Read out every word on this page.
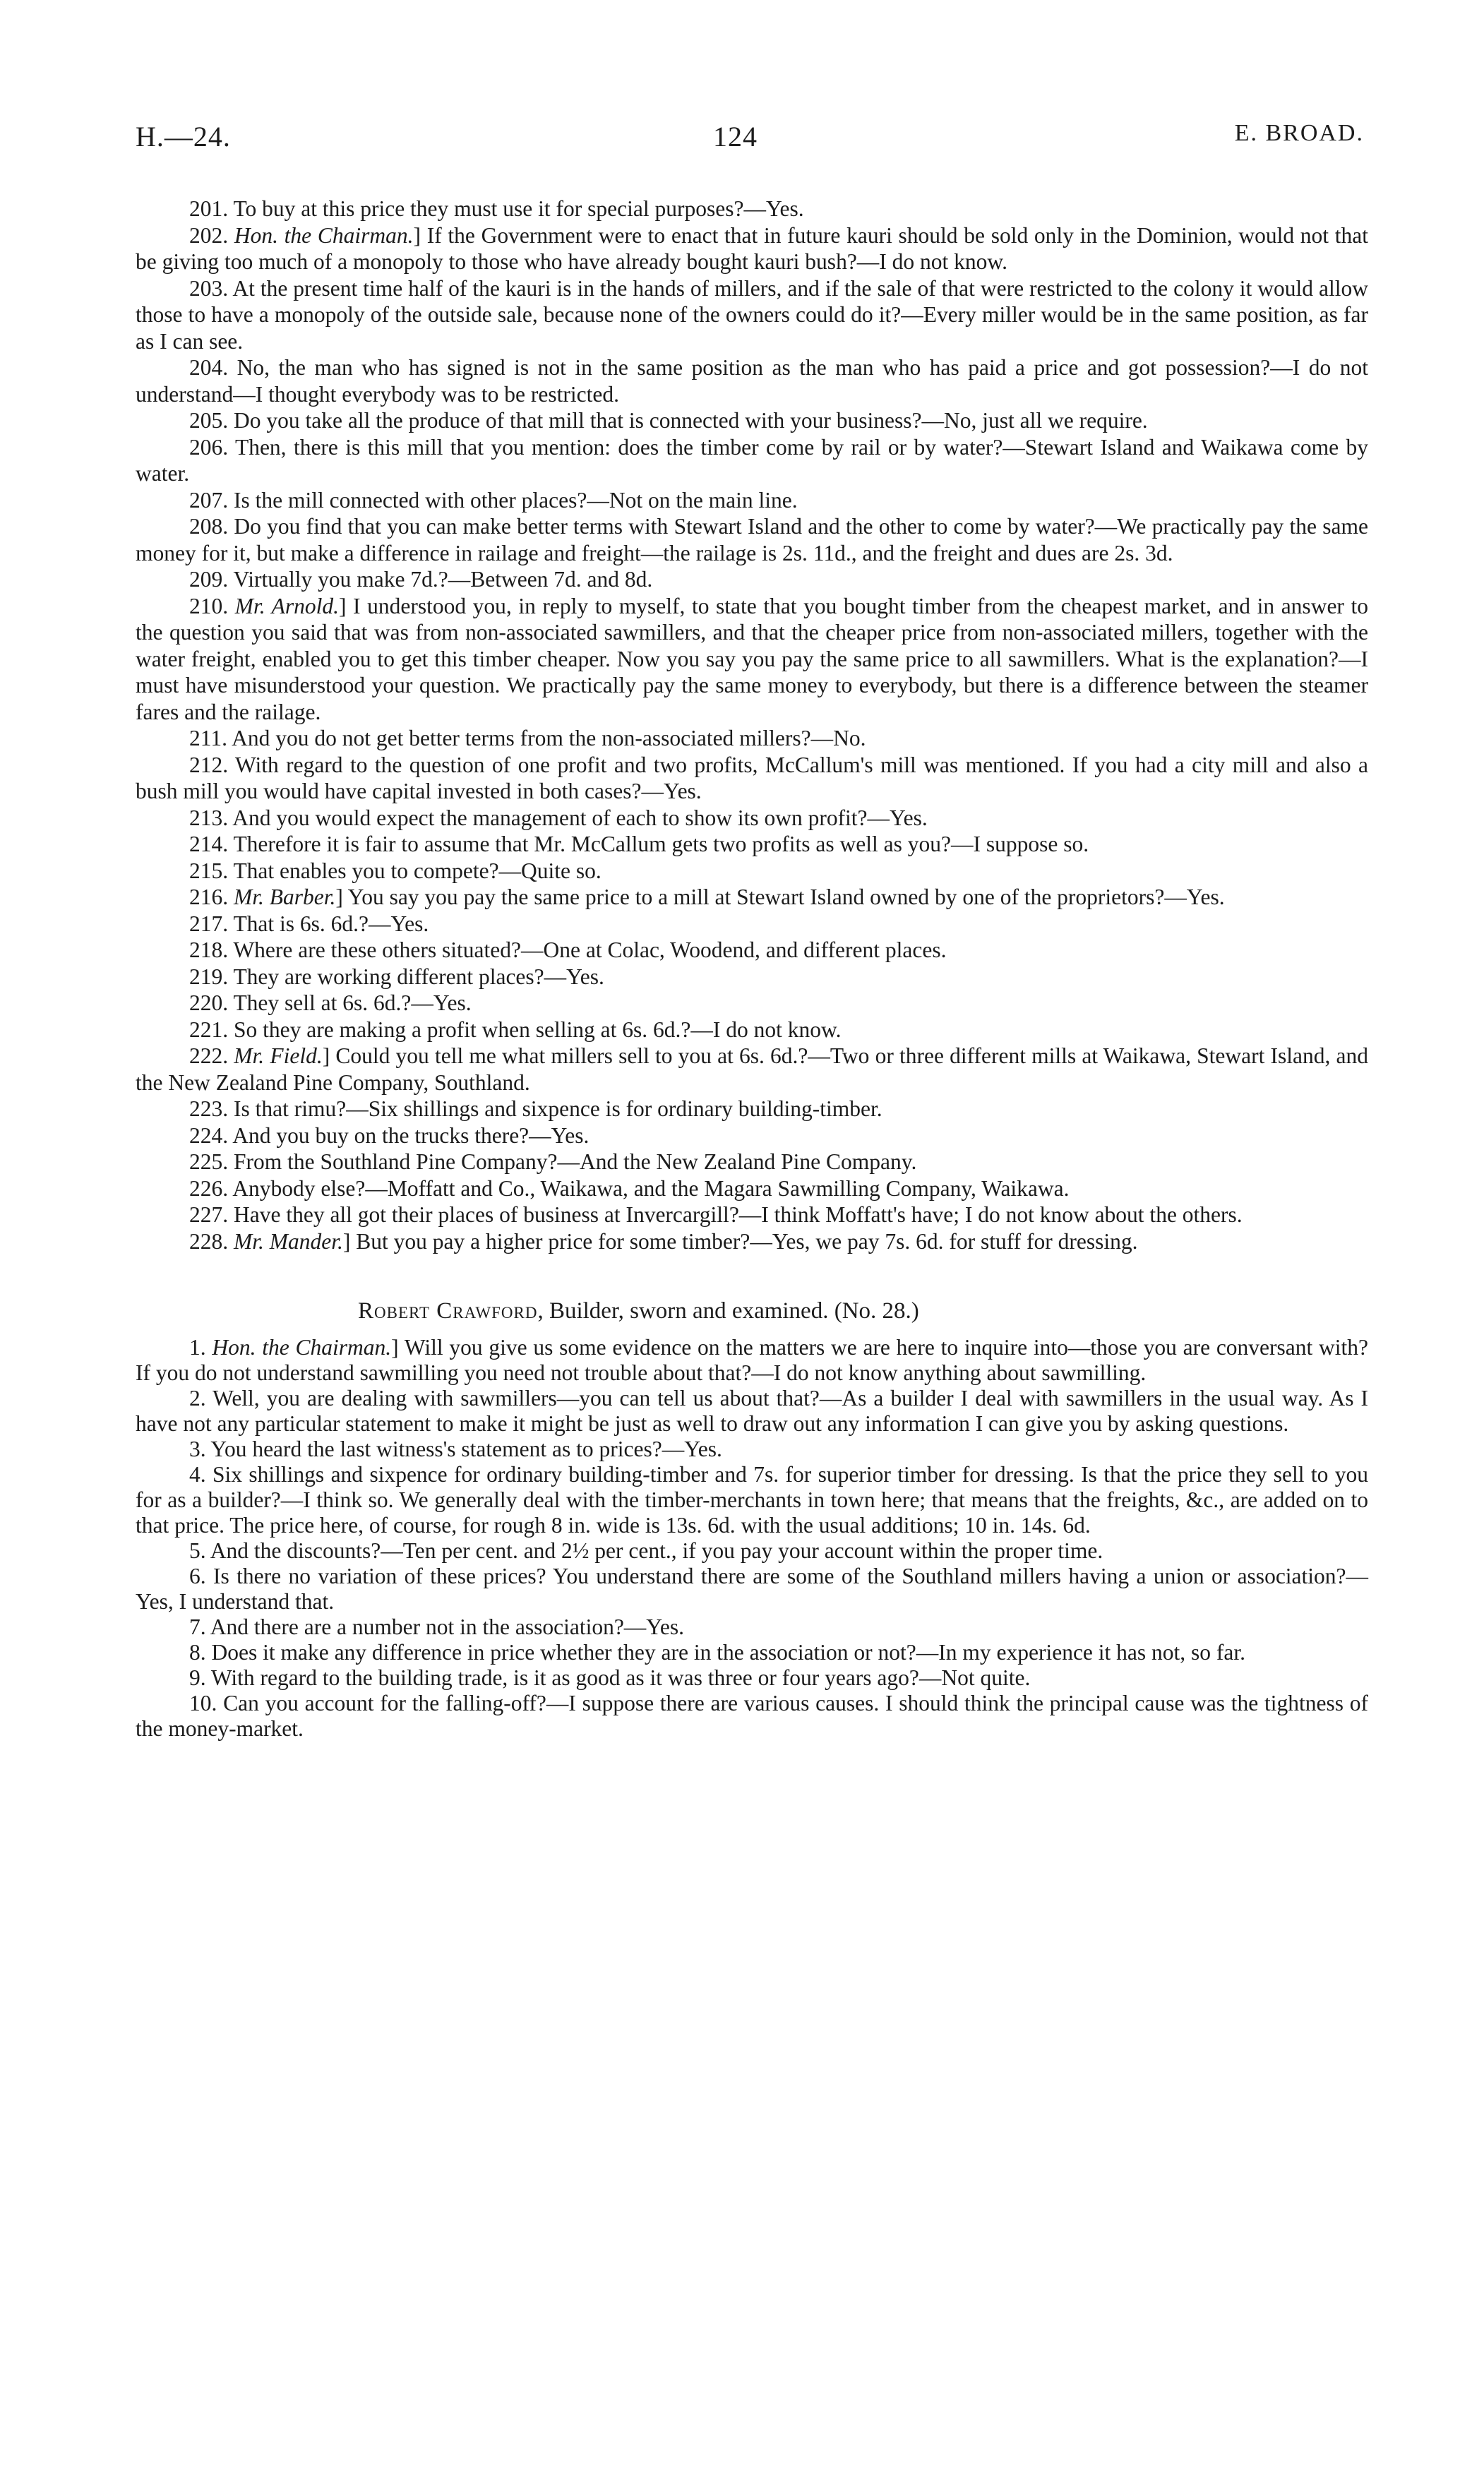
H.—24.	124	E. BROAD.

201. To buy at this price they must use it for special purposes?—Yes.

202. Hon. the Chairman.] If the Government were to enact that in future kauri should be sold only in the Dominion, would not that be giving too much of a monopoly to those who have already bought kauri bush?—I do not know.

203. At the present time half of the kauri is in the hands of millers, and if the sale of that were restricted to the colony it would allow those to have a monopoly of the outside sale, because none of the owners could do it?—Every miller would be in the same position, as far as I can see.

204. No, the man who has signed is not in the same position as the man who has paid a price and got possession?—I do not understand—I thought everybody was to be restricted.

205. Do you take all the produce of that mill that is connected with your business?—No, just all we require.

206. Then, there is this mill that you mention: does the timber come by rail or by water?—Stewart Island and Waikawa come by water.

207. Is the mill connected with other places?—Not on the main line.

208. Do you find that you can make better terms with Stewart Island and the other to come by water?—We practically pay the same money for it, but make a difference in railage and freight—the railage is 2s. 11d., and the freight and dues are 2s. 3d.

209. Virtually you make 7d.?—Between 7d. and 8d.

210. Mr. Arnold.] I understood you, in reply to myself, to state that you bought timber from the cheapest market, and in answer to the question you said that was from non-associated sawmillers, and that the cheaper price from non-associated millers, together with the water freight, enabled you to get this timber cheaper. Now you say you pay the same price to all sawmillers. What is the explanation?—I must have misunderstood your question. We practically pay the same money to everybody, but there is a difference between the steamer fares and the railage.

211. And you do not get better terms from the non-associated millers?—No.

212. With regard to the question of one profit and two profits, McCallum's mill was mentioned. If you had a city mill and also a bush mill you would have capital invested in both cases?—Yes.

213. And you would expect the management of each to show its own profit?—Yes.

214. Therefore it is fair to assume that Mr. McCallum gets two profits as well as you?—I suppose so.

215. That enables you to compete?—Quite so.

216. Mr. Barber.] You say you pay the same price to a mill at Stewart Island owned by one of the proprietors?—Yes.

217. That is 6s. 6d.?—Yes.

218. Where are these others situated?—One at Colac, Woodend, and different places.

219. They are working different places?—Yes.

220. They sell at 6s. 6d.?—Yes.

221. So they are making a profit when selling at 6s. 6d.?—I do not know.

222. Mr. Field.] Could you tell me what millers sell to you at 6s. 6d.?—Two or three different mills at Waikawa, Stewart Island, and the New Zealand Pine Company, Southland.

223. Is that rimu?—Six shillings and sixpence is for ordinary building-timber.

224. And you buy on the trucks there?—Yes.

225. From the Southland Pine Company?—And the New Zealand Pine Company.

226. Anybody else?—Moffatt and Co., Waikawa, and the Magara Sawmilling Company, Waikawa.

227. Have they all got their places of business at Invercargill?—I think Moffatt's have; I do not know about the others.

228. Mr. Mander.] But you pay a higher price for some timber?—Yes, we pay 7s. 6d. for stuff for dressing.

Robert Crawford, Builder, sworn and examined. (No. 28.)

1. Hon. the Chairman.] Will you give us some evidence on the matters we are here to inquire into—those you are conversant with? If you do not understand sawmilling you need not trouble about that?—I do not know anything about sawmilling.

2. Well, you are dealing with sawmillers—you can tell us about that?—As a builder I deal with sawmillers in the usual way. As I have not any particular statement to make it might be just as well to draw out any information I can give you by asking questions.

3. You heard the last witness's statement as to prices?—Yes.

4. Six shillings and sixpence for ordinary building-timber and 7s. for superior timber for dressing. Is that the price they sell to you for as a builder?—I think so. We generally deal with the timber-merchants in town here; that means that the freights, &c., are added on to that price. The price here, of course, for rough 8 in. wide is 13s. 6d. with the usual additions; 10 in. 14s. 6d.

5. And the discounts?—Ten per cent. and 2½ per cent., if you pay your account within the proper time.

6. Is there no variation of these prices? You understand there are some of the Southland millers having a union or association?—Yes, I understand that.

7. And there are a number not in the association?—Yes.

8. Does it make any difference in price whether they are in the association or not?—In my experience it has not, so far.

9. With regard to the building trade, is it as good as it was three or four years ago?—Not quite.

10. Can you account for the falling-off?—I suppose there are various causes. I should think the principal cause was the tightness of the money-market.
